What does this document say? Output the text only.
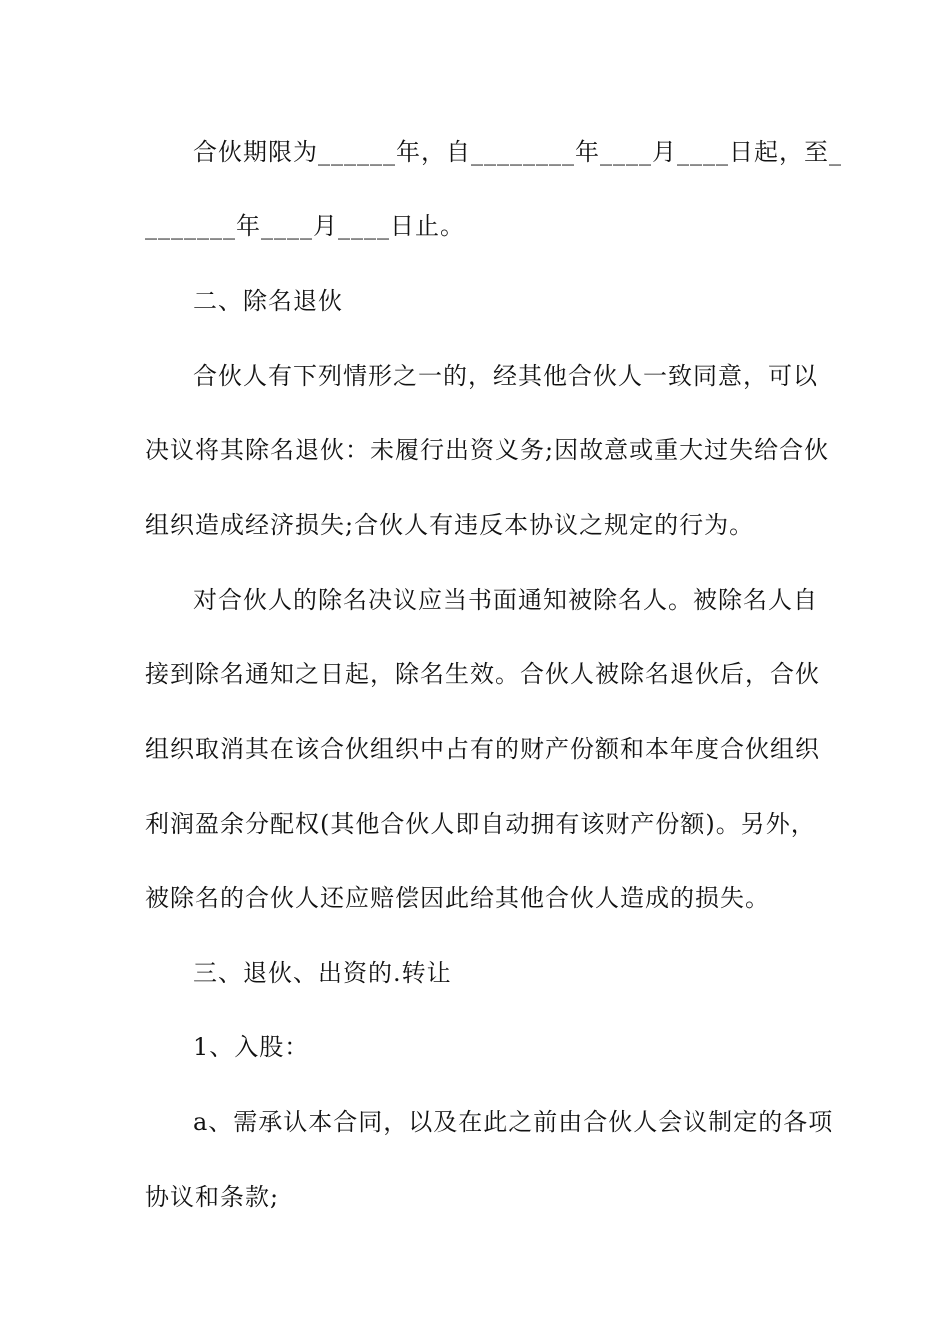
合伙期限为______年，自________年____月____日起，至_
_______年____月____日止。
二、除名退伙
合伙人有下列情形之一的，经其他合伙人一致同意，可以
决议将其除名退伙：未履行出资义务;因故意或重大过失给合伙
组织造成经济损失;合伙人有违反本协议之规定的行为。
对合伙人的除名决议应当书面通知被除名人。被除名人自
接到除名通知之日起，除名生效。合伙人被除名退伙后，合伙
组织取消其在该合伙组织中占有的财产份额和本年度合伙组织
利润盈余分配权(其他合伙人即自动拥有该财产份额)。另外，
被除名的合伙人还应赔偿因此给其他合伙人造成的损失。
三、退伙、出资的.转让
1、入股：
a、需承认本合同，以及在此之前由合伙人会议制定的各项
协议和条款;
